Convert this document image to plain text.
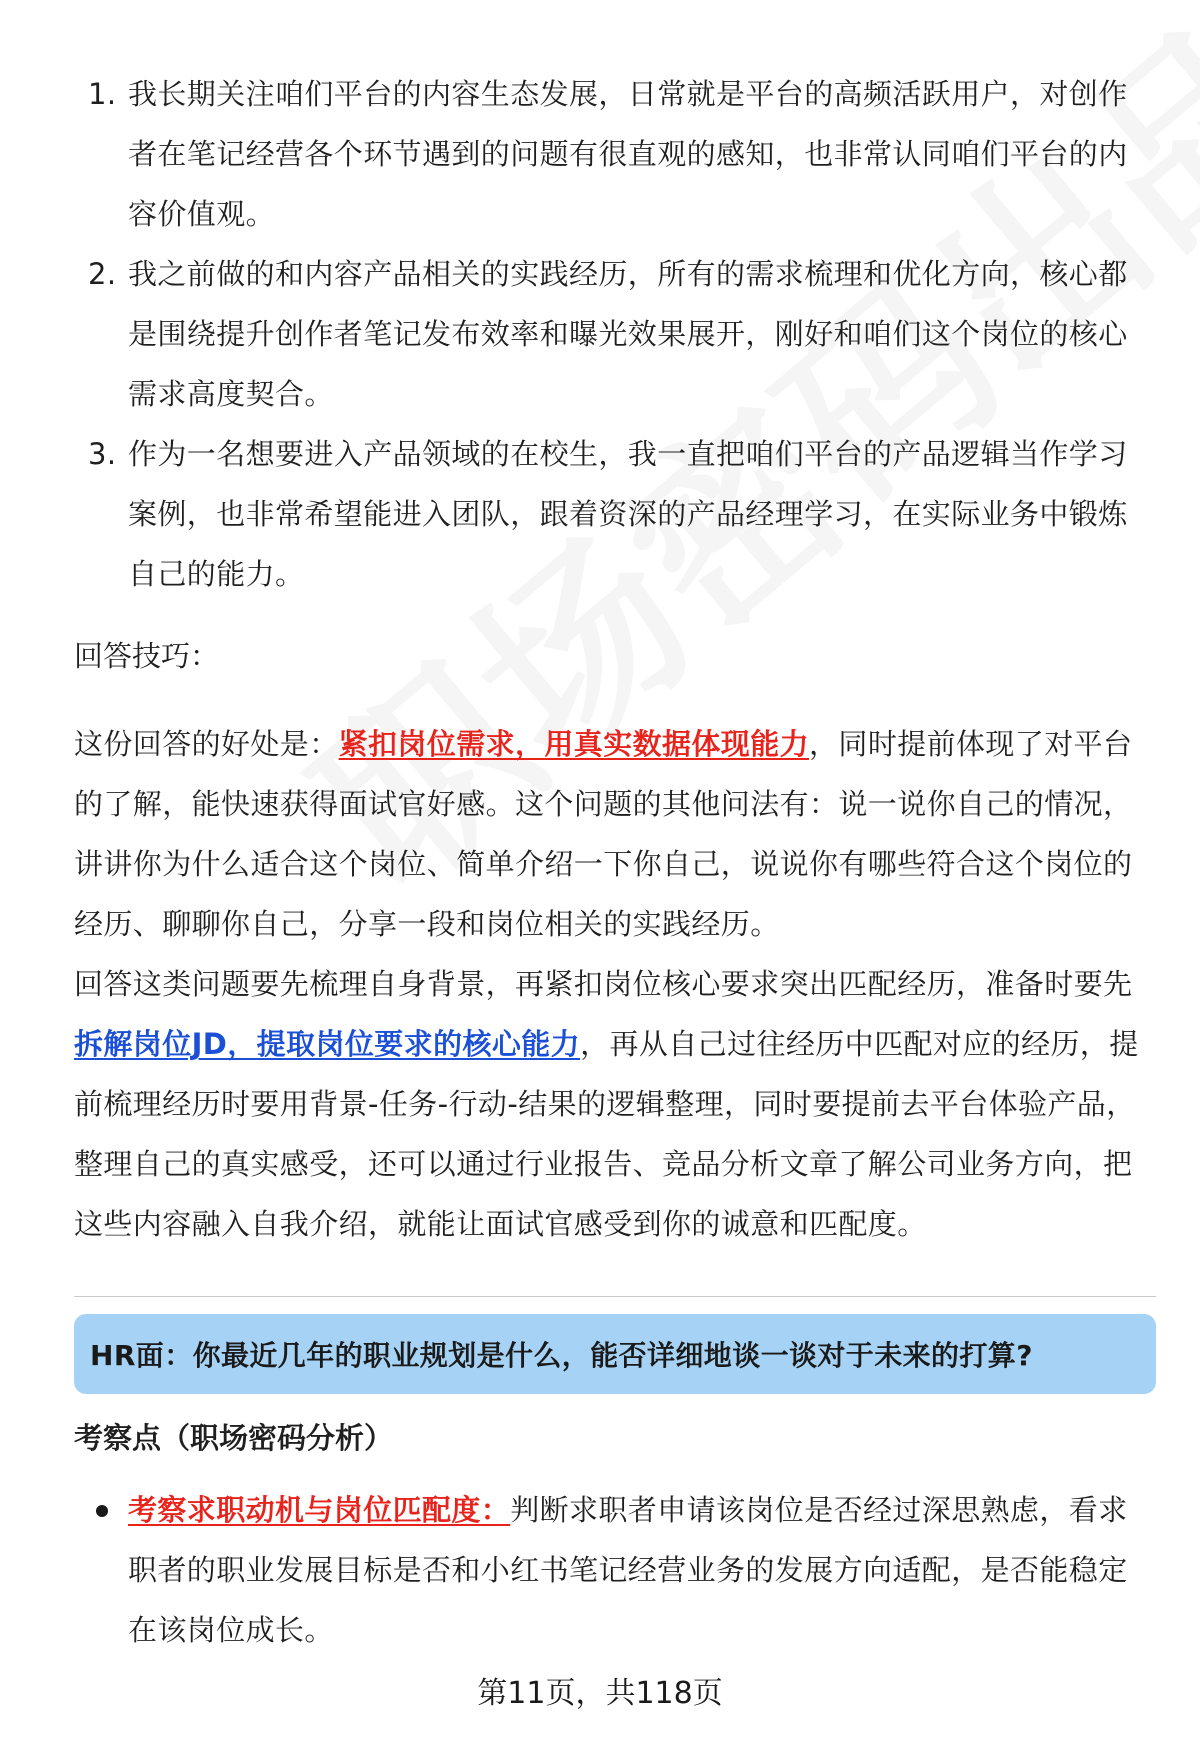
1. 我长期关注咱们平台的内容生态发展，日常就是平台的高频活跃用户，对创作者在笔记经营各个环节遇到的问题有很直观的感知，也非常认同咱们平台的内容价值观。
2. 我之前做的和内容产品相关的实践经历，所有的需求梳理和优化方向，核心都是围绕提升创作者笔记发布效率和曝光效果展开，刚好和咱们这个岗位的核心需求高度契合。
3. 作为一名想要进入产品领域的在校生，我一直把咱们平台的产品逻辑当作学习案例，也非常希望能进入团队，跟着资深的产品经理学习，在实际业务中锻炼自己的能力。
回答技巧：

这份回答的好处是：紧扣岗位需求，用真实数据体现能力，同时提前体现了对平台的了解，能快速获得面试官好感。这个问题的其他问法有：说一说你自己的情况，讲讲你为什么适合这个岗位、简单介绍一下你自己，说说你有哪些符合这个岗位的经历、聊聊你自己，分享一段和岗位相关的实践经历。

回答这类问题要先梳理自身背景，再紧扣岗位核心要求突出匹配经历，准备时要先拆解岗位JD，提取岗位要求的核心能力，再从自己过往经历中匹配对应的经历，提前梳理经历时要用背景-任务-行动-结果的逻辑整理，同时要提前去平台体验产品，整理自己的真实感受，还可以通过行业报告、竞品分析文章了解公司业务方向，把这些内容融入自我介绍，就能让面试官感受到你的诚意和匹配度。

HR面：你最近几年的职业规划是什么，能否详细地谈一谈对于未来的打算?
考察点（职场密码分析）

考察求职动机与岗位匹配度：判断求职者申请该岗位是否经过深思熟虑，看求职者的职业发展目标是否和小红书笔记经营业务的发展方向适配，是否能稳定在该岗位成长。

第11页，共118页
